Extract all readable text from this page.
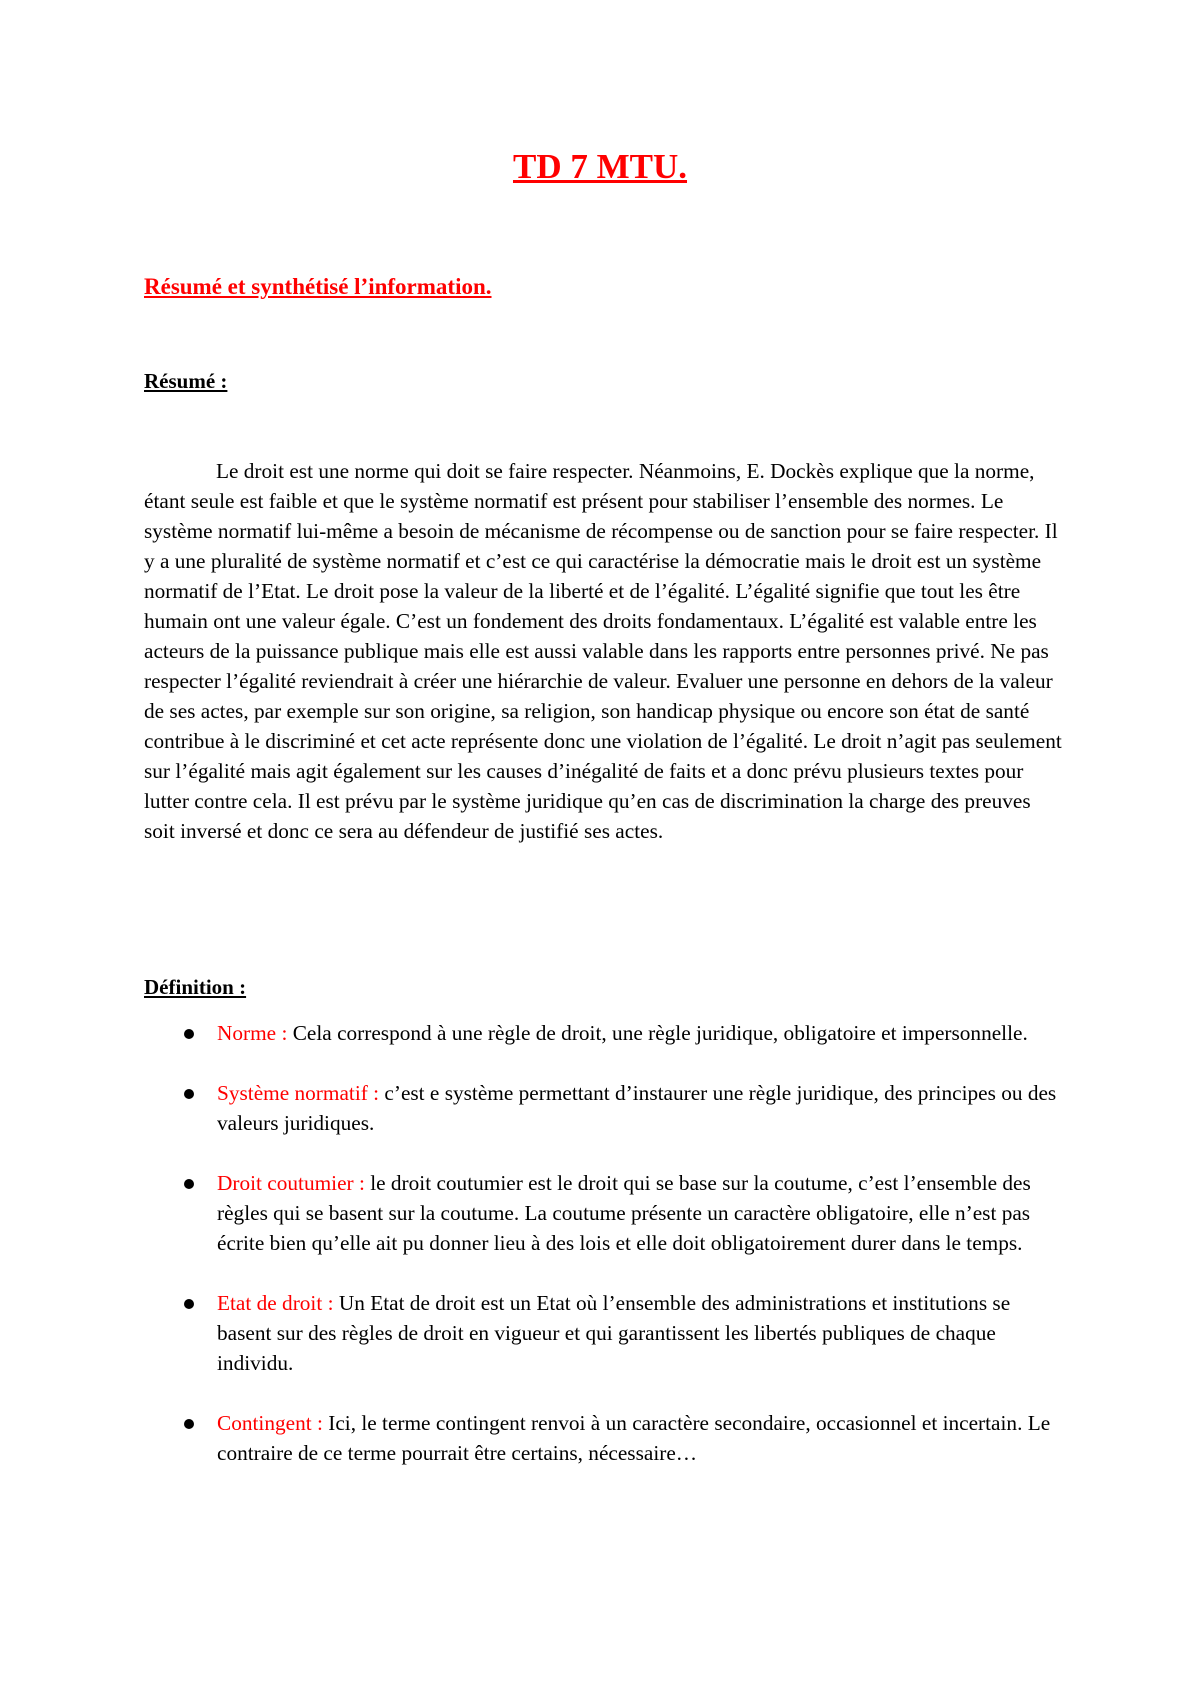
TD 7 MTU.
Résumé et synthétisé l’information.
Résumé :

Le droit est une norme qui doit se faire respecter. Néanmoins, E. Dockès explique que la norme, étant seule est faible et que le système normatif est présent pour stabiliser l’ensemble des normes. Le système normatif lui-même a besoin de mécanisme de récompense ou de sanction pour se faire respecter. Il y a une pluralité de système normatif et c’est ce qui caractérise la démocratie mais le droit est un système normatif de l’Etat. Le droit pose la valeur de la liberté et de l’égalité. L’égalité signifie que tout les être humain ont une valeur égale. C’est un fondement des droits fondamentaux. L’égalité est valable entre les acteurs de la puissance publique mais elle est aussi valable dans les rapports entre personnes privé. Ne pas respecter l’égalité reviendrait à créer une hiérarchie de valeur. Evaluer une personne en dehors de la valeur de ses actes, par exemple sur son origine, sa religion, son handicap physique ou encore son état de santé contribue à le discriminé et cet acte représente donc une violation de l’égalité. Le droit n’agit pas seulement sur l’égalité mais agit également sur les causes d’inégalité de faits et a donc prévu plusieurs textes pour lutter contre cela. Il est prévu par le système juridique qu’en cas de discrimination la charge des preuves soit inversé et donc ce sera au défendeur de justifié ses actes.

Définition :
Norme : Cela correspond à une règle de droit, une règle juridique, obligatoire et impersonnelle.
Système normatif : c’est e système permettant d’instaurer une règle juridique, des principes ou des valeurs juridiques.
Droit coutumier : le droit coutumier est le droit qui se base sur la coutume, c’est l’ensemble des règles qui se basent sur la coutume. La coutume présente un caractère obligatoire, elle n’est pas écrite bien qu’elle ait pu donner lieu à des lois et elle doit obligatoirement durer dans le temps.
Etat de droit : Un Etat de droit est un Etat où l’ensemble des administrations et institutions se basent sur des règles de droit en vigueur et qui garantissent les libertés publiques de chaque individu.
Contingent : Ici, le terme contingent renvoi à un caractère secondaire, occasionnel et incertain. Le contraire de ce terme pourrait être certains, nécessaire…
